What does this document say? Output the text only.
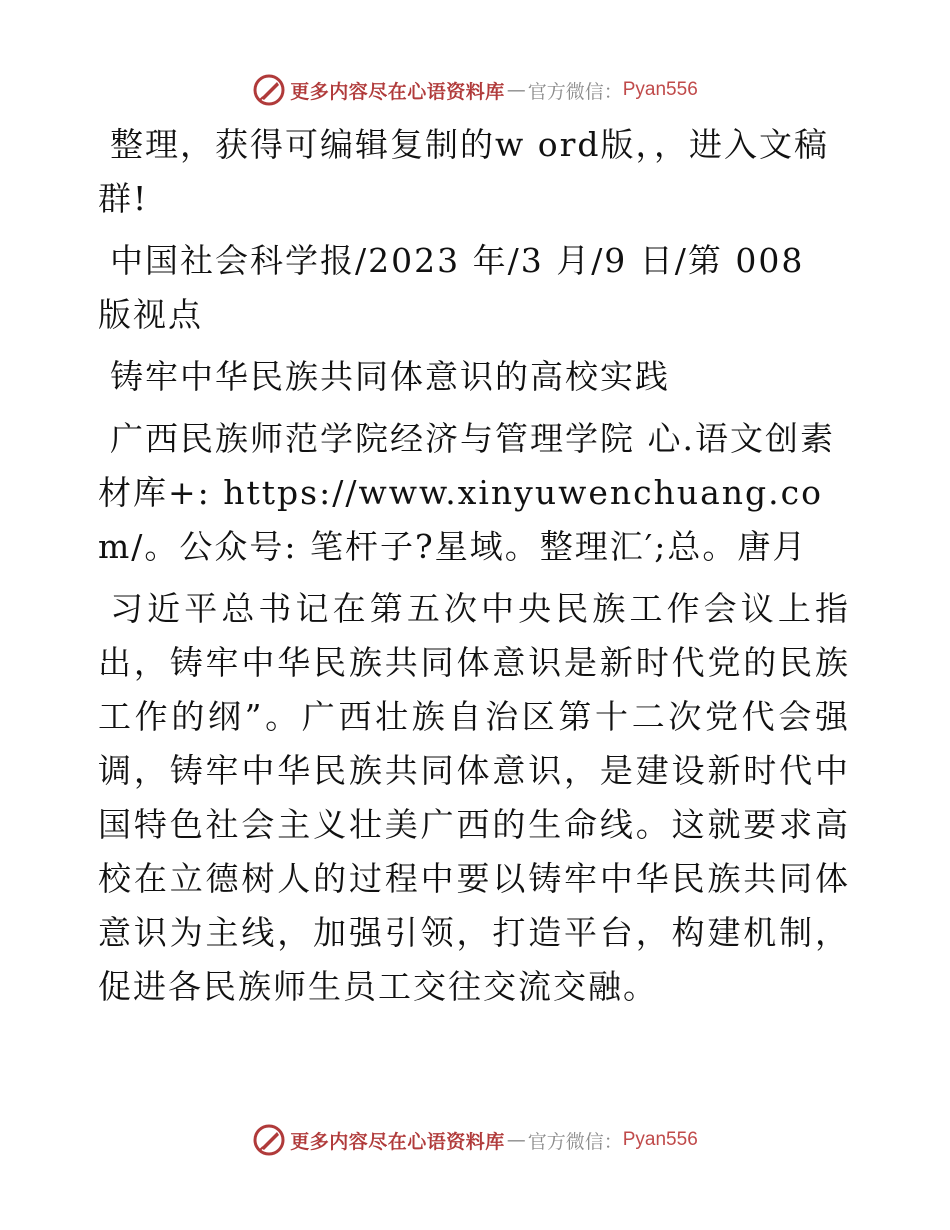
更多内容尽在心语资料库 — 官方微信： Pyan556

整理，获得可编辑复制的w ord版，，进入文稿群!

中国社会科学报/2023 年/3 月/9 日/第 008 版视点

铸牢中华民族共同体意识的高校实践

广西民族师范学院经济与管理学院 心.语文创素材库+: https://www.xinyuwenchuang.com/。公众号: 笔杆子?星域。整理汇′;总。唐月

习近平总书记在第五次中央民族工作会议上指出，铸牢中华民族共同体意识是新时代党的民族工作的纲”。广西壮族自治区第十二次党代会强调，铸牢中华民族共同体意识，是建设新时代中国特色社会主义壮美广西的生命线。这就要求高校在立德树人的过程中要以铸牢中华民族共同体意识为主线，加强引领，打造平台，构建机制，促进各民族师生员工交往交流交融。

更多内容尽在心语资料库 — 官方微信： Pyan556
